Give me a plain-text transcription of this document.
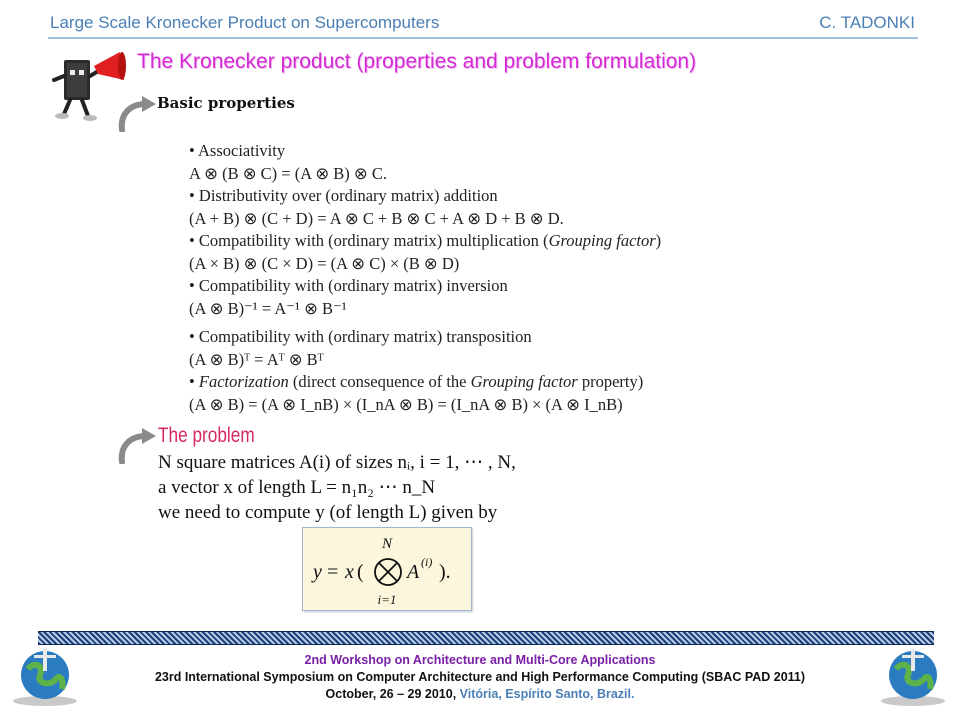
Large Scale Kronecker Product on Supercomputers	C. TADONKI
The Kronecker product (properties and problem formulation)
Basic properties
• Associativity
A ⊗ (B ⊗ C) = (A ⊗ B) ⊗ C.
• Distributivity over (ordinary matrix) addition
(A + B) ⊗ (C + D) = A ⊗ C + B ⊗ C + A ⊗ D + B ⊗ D.
• Compatibility with (ordinary matrix) multiplication (Grouping factor)
(A × B) ⊗ (C × D) = (A ⊗ C) × (B ⊗ D)
• Compatibility with (ordinary matrix) inversion
(A ⊗ B)⁻¹ = A⁻¹ ⊗ B⁻¹
• Compatibility with (ordinary matrix) transposition
(A ⊗ B)ᵀ = Aᵀ ⊗ Bᵀ
• Factorization (direct consequence of the Grouping factor property)
(A ⊗ B) = (A ⊗ I_nB) × (I_nA ⊗ B) = (I_nA ⊗ B) × (A ⊗ I_nB)
The problem
N square matrices A(i) of sizes nᵢ, i = 1, ⋯ , N,
a vector x of length L = n₁n₂ ⋯ n_N
we need to compute y (of length L) given by
N
y = x ( A (i) ).
i=1
2nd Workshop on Architecture and Multi-Core Applications
23rd International Symposium on Computer Architecture and High Performance Computing (SBAC PAD 2011)
October, 26 – 29 2010, Vitória, Espírito Santo, Brazil.
